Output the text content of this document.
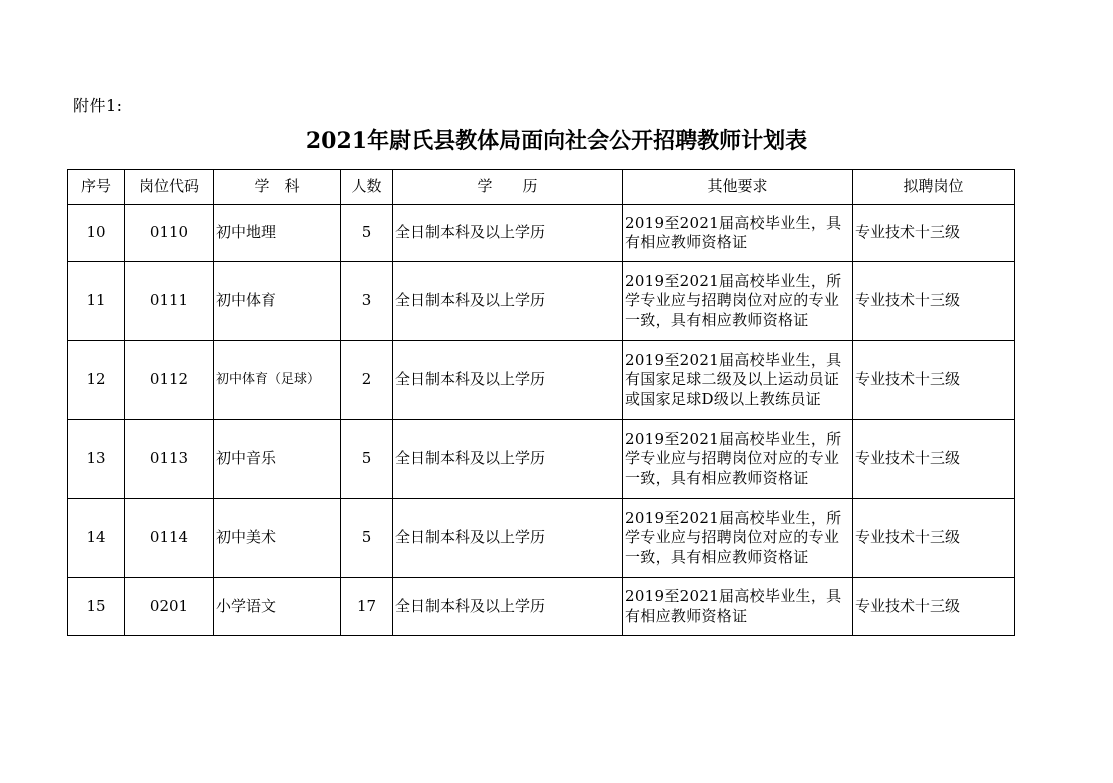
附件1:
2021年尉氏县教体局面向社会公开招聘教师计划表
序号	岗位代码	学　科	人数	学　　历	其他要求	拟聘岗位
10	0110	初中地理	5	全日制本科及以上学历	2019至2021届高校毕业生，具有相应教师资格证	专业技术十三级
11	0111	初中体育	3	全日制本科及以上学历	2019至2021届高校毕业生，所学专业应与招聘岗位对应的专业一致，具有相应教师资格证	专业技术十三级
12	0112	初中体育（足球）	2	全日制本科及以上学历	2019至2021届高校毕业生，具有国家足球二级及以上运动员证或国家足球D级以上教练员证	专业技术十三级
13	0113	初中音乐	5	全日制本科及以上学历	2019至2021届高校毕业生，所学专业应与招聘岗位对应的专业一致，具有相应教师资格证	专业技术十三级
14	0114	初中美术	5	全日制本科及以上学历	2019至2021届高校毕业生，所学专业应与招聘岗位对应的专业一致，具有相应教师资格证	专业技术十三级
15	0201	小学语文	17	全日制本科及以上学历	2019至2021届高校毕业生，具有相应教师资格证	专业技术十三级
